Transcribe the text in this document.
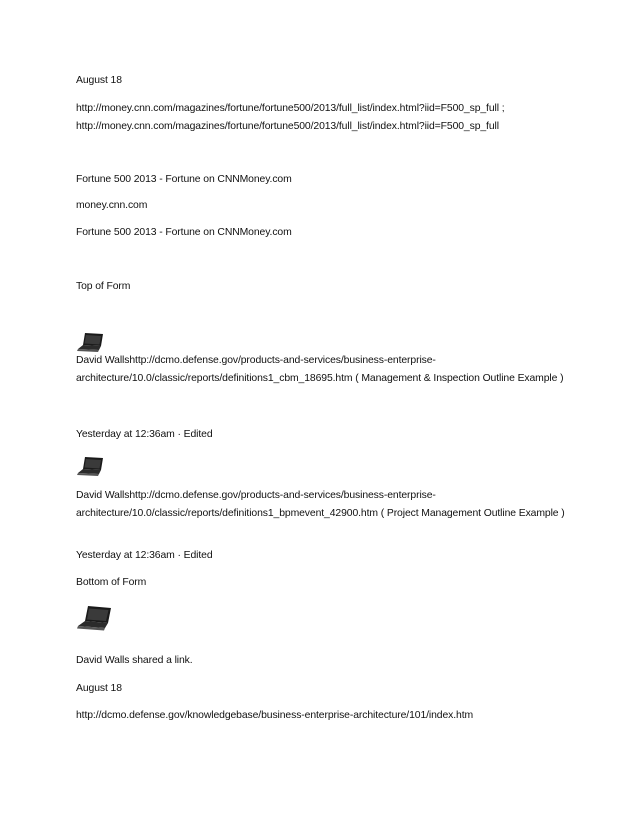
August 18
http://money.cnn.com/magazines/fortune/fortune500/2013/full_list/index.html?iid=F500_sp_full ;
http://money.cnn.com/magazines/fortune/fortune500/2013/full_list/index.html?iid=F500_sp_full
Fortune 500 2013 - Fortune on CNNMoney.com
money.cnn.com
Fortune 500 2013 - Fortune on CNNMoney.com
Top of Form
David Wallshttp://dcmo.defense.gov/products-and-services/business-enterprise-architecture/10.0/classic/reports/definitions1_cbm_18695.htm ( Management & Inspection Outline Example )
Yesterday at 12:36am · Edited
David Wallshttp://dcmo.defense.gov/products-and-services/business-enterprise-architecture/10.0/classic/reports/definitions1_bpmevent_42900.htm ( Project Management Outline Example )
Yesterday at 12:36am · Edited
Bottom of Form
David Walls shared a link.
August 18
http://dcmo.defense.gov/knowledgebase/business-enterprise-architecture/101/index.htm
